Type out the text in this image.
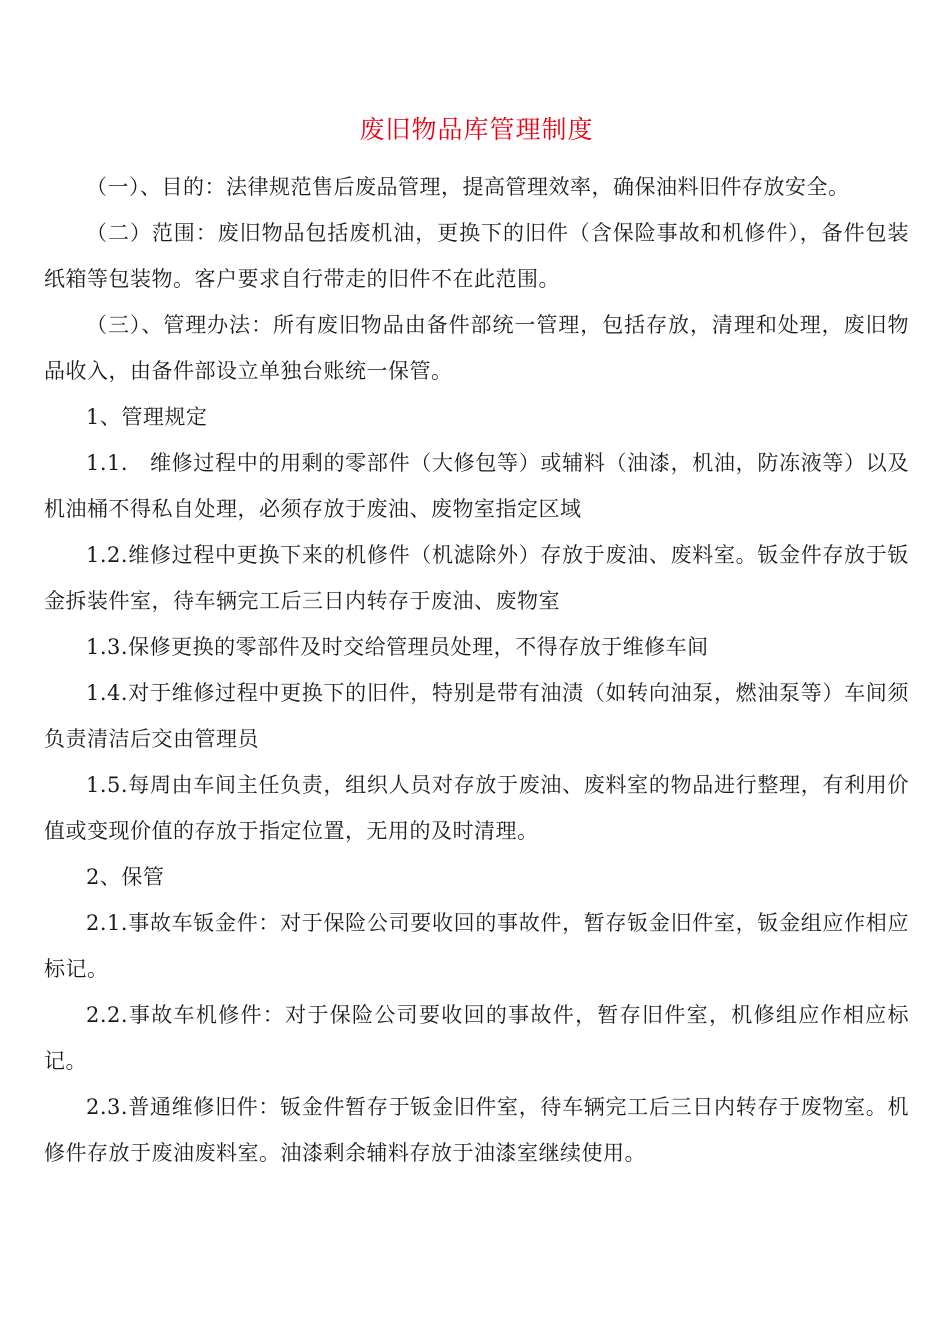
废旧物品库管理制度

（一）、目的：法律规范售后废品管理，提高管理效率，确保油料旧件存放安全。

（二）范围：废旧物品包括废机油，更换下的旧件（含保险事故和机修件），备件包装纸箱等包装物。客户要求自行带走的旧件不在此范围。

（三）、管理办法：所有废旧物品由备件部统一管理，包括存放，清理和处理，废旧物品收入，由备件部设立单独台账统一保管。

1、管理规定

1.1.　维修过程中的用剩的零部件（大修包等）或辅料（油漆，机油，防冻液等）以及机油桶不得私自处理，必须存放于废油、废物室指定区域

1.2.维修过程中更换下来的机修件（机滤除外）存放于废油、废料室。钣金件存放于钣金拆装件室，待车辆完工后三日内转存于废油、废物室

1.3.保修更换的零部件及时交给管理员处理，不得存放于维修车间

1.4.对于维修过程中更换下的旧件，特别是带有油渍（如转向油泵，燃油泵等）车间须负责清洁后交由管理员

1.5.每周由车间主任负责，组织人员对存放于废油、废料室的物品进行整理，有利用价值或变现价值的存放于指定位置，无用的及时清理。

2、保管

2.1.事故车钣金件：对于保险公司要收回的事故件，暂存钣金旧件室，钣金组应作相应标记。

2.2.事故车机修件：对于保险公司要收回的事故件，暂存旧件室，机修组应作相应标记。

2.3.普通维修旧件：钣金件暂存于钣金旧件室，待车辆完工后三日内转存于废物室。机修件存放于废油废料室。油漆剩余辅料存放于油漆室继续使用。
